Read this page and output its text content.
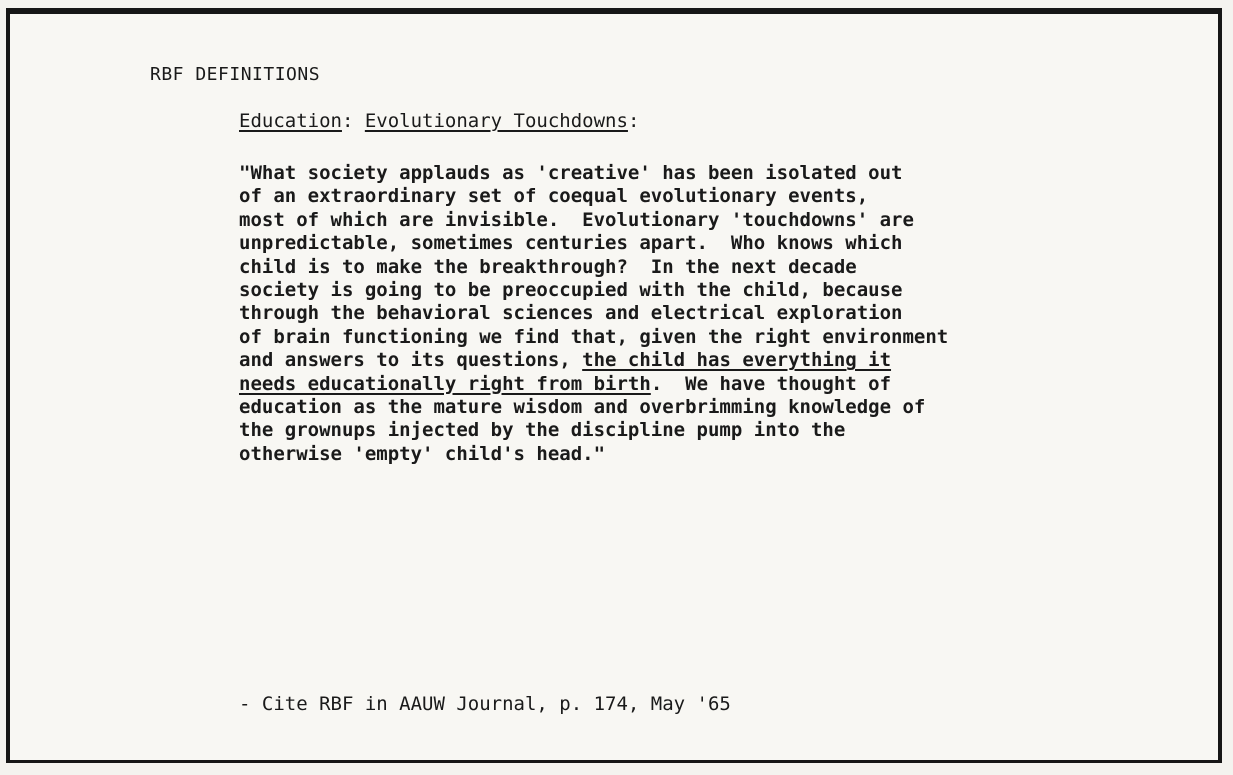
RBF DEFINITIONS
Education: Evolutionary Touchdowns:
"What society applauds as 'creative' has been isolated out
of an extraordinary set of coequal evolutionary events,
most of which are invisible.  Evolutionary 'touchdowns' are
unpredictable, sometimes centuries apart.  Who knows which
child is to make the breakthrough?  In the next decade
society is going to be preoccupied with the child, because
through the behavioral sciences and electrical exploration
of brain functioning we find that, given the right environment
and answers to its questions, the child has everything it
needs educationally right from birth.  We have thought of
education as the mature wisdom and overbrimming knowledge of
the grownups injected by the discipline pump into the
otherwise 'empty' child's head."
- Cite RBF in AAUW Journal, p. 174, May '65
